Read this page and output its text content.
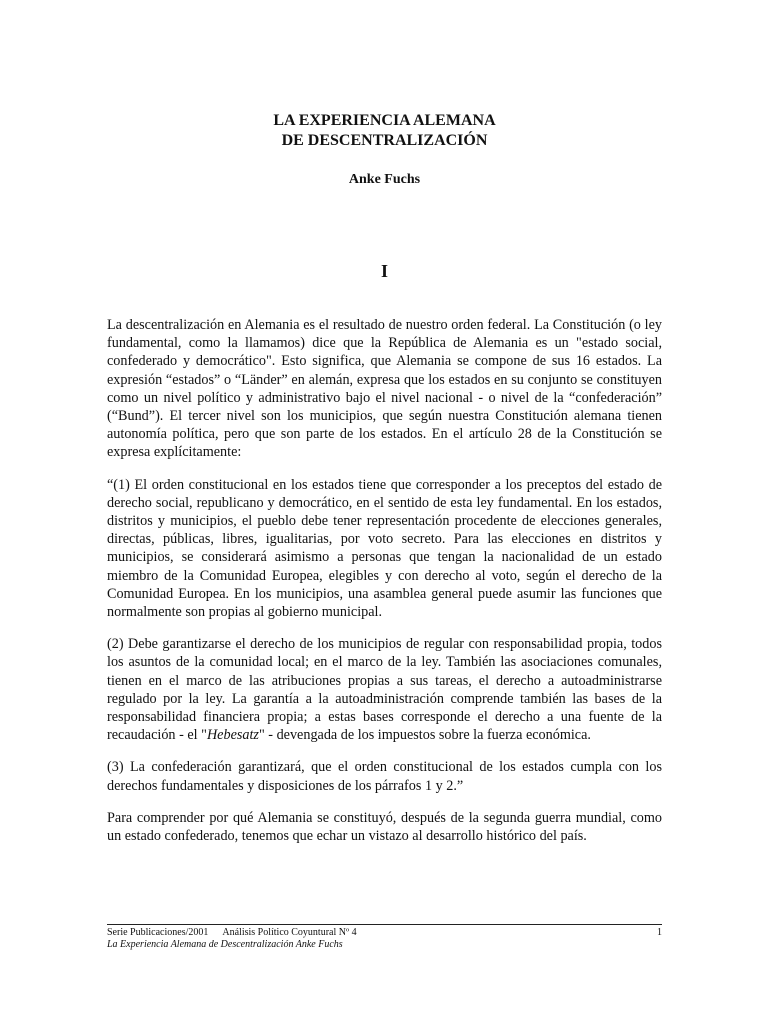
LA EXPERIENCIA ALEMANA
DE DESCENTRALIZACIÓN

Anke Fuchs

I

La descentralización en Alemania es el resultado de nuestro orden federal. La Constitución (o ley fundamental, como la llamamos) dice que la República de Alemania es un "estado social, confederado y democrático". Esto significa, que Alemania se compone de sus 16 estados. La expresión “estados” o “Länder” en alemán, expresa que los estados en su conjunto se constituyen como un nivel político y administrativo bajo el nivel nacional - o nivel de la “confederación” (“Bund”). El tercer nivel son los municipios, que según nuestra Constitución alemana tienen autonomía política, pero que son parte de los estados. En el artículo 28 de la Constitución se expresa explícitamente:

“(1) El orden constitucional en los estados tiene que corresponder a los preceptos del estado de derecho social, republicano y democrático, en el sentido de esta ley fundamental. En los estados, distritos y municipios, el pueblo debe tener representación procedente de elecciones generales, directas, públicas, libres, igualitarias, por voto secreto. Para las elecciones en distritos y municipios, se considerará asimismo a personas que tengan la nacionalidad de un estado miembro de la Comunidad Europea, elegibles y con derecho al voto, según el derecho de la Comunidad Europea. En los municipios, una asamblea general puede asumir las funciones que normalmente son propias al gobierno municipal.

(2) Debe garantizarse el derecho de los municipios de regular con responsabilidad propia, todos los asuntos de la comunidad local; en el marco de la ley. También las asociaciones comunales, tienen en el marco de las atribuciones propias a sus tareas, el derecho a autoadministrarse regulado por la ley. La garantía a la autoadministración comprende también las bases de la responsabilidad financiera propia; a estas bases corresponde el derecho a una fuente de la recaudación - el "Hebesatz" - devengada de los impuestos sobre la fuerza económica.

(3) La confederación garantizará, que el orden constitucional de los estados cumpla con los derechos fundamentales y disposiciones de los párrafos 1 y 2.”

Para comprender por qué Alemania se constituyó, después de la segunda guerra mundial, como un estado confederado, tenemos que echar un vistazo al desarrollo histórico del país.

Serie Publicaciones/2001 Análisis Político Coyuntural Nº 4	1
La Experiencia Alemana de Descentralización Anke Fuchs
